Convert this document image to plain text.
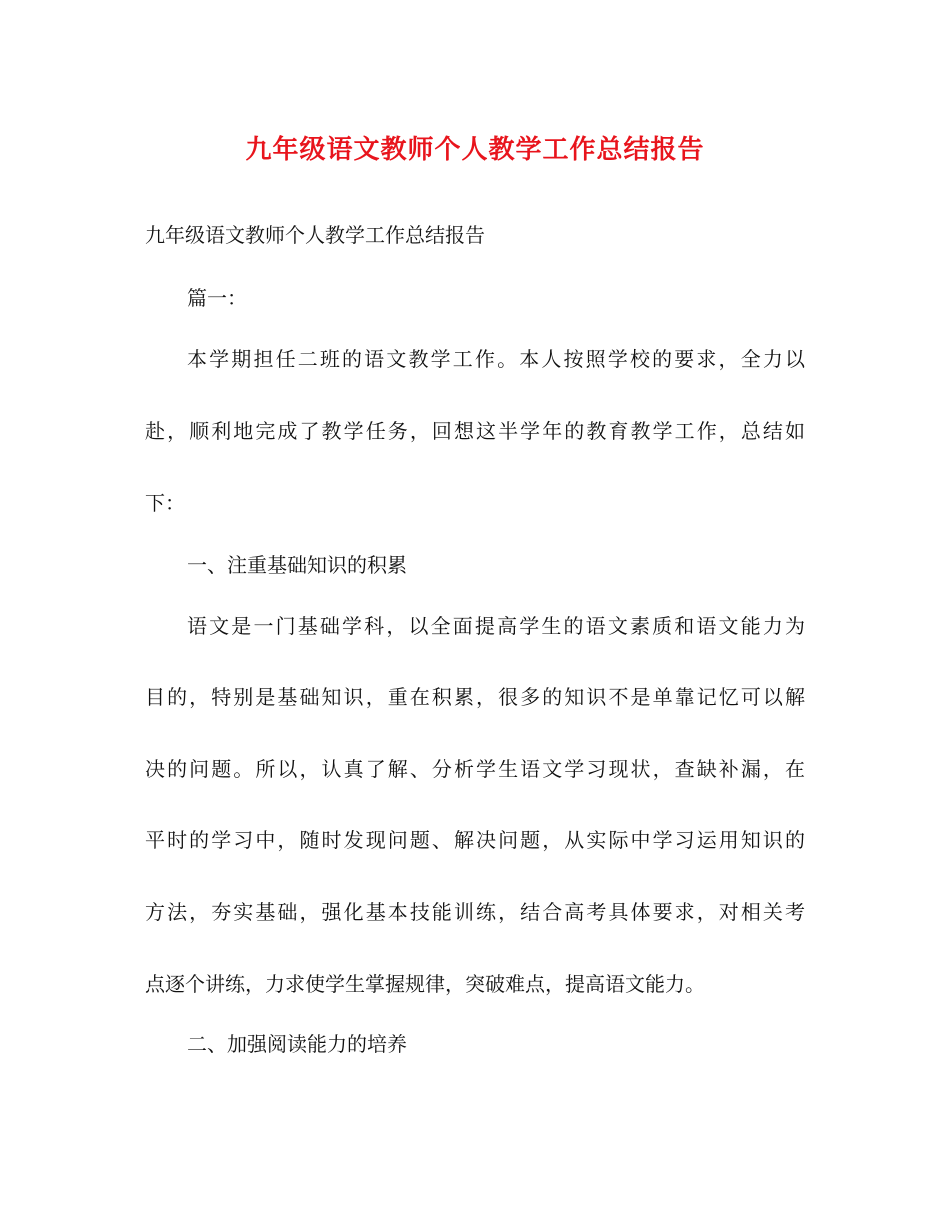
九年级语文教师个人教学工作总结报告
九年级语文教师个人教学工作总结报告
篇一：
本学期担任二班的语文教学工作。本人按照学校的要求，全力以
赴，顺利地完成了教学任务，回想这半学年的教育教学工作，总结如
下：
一、注重基础知识的积累
语文是一门基础学科，以全面提高学生的语文素质和语文能力为
目的，特别是基础知识，重在积累，很多的知识不是单靠记忆可以解
决的问题。所以，认真了解、分析学生语文学习现状，查缺补漏，在
平时的学习中，随时发现问题、解决问题，从实际中学习运用知识的
方法，夯实基础，强化基本技能训练，结合高考具体要求，对相关考
点逐个讲练，力求使学生掌握规律，突破难点，提高语文能力。
二、加强阅读能力的培养
